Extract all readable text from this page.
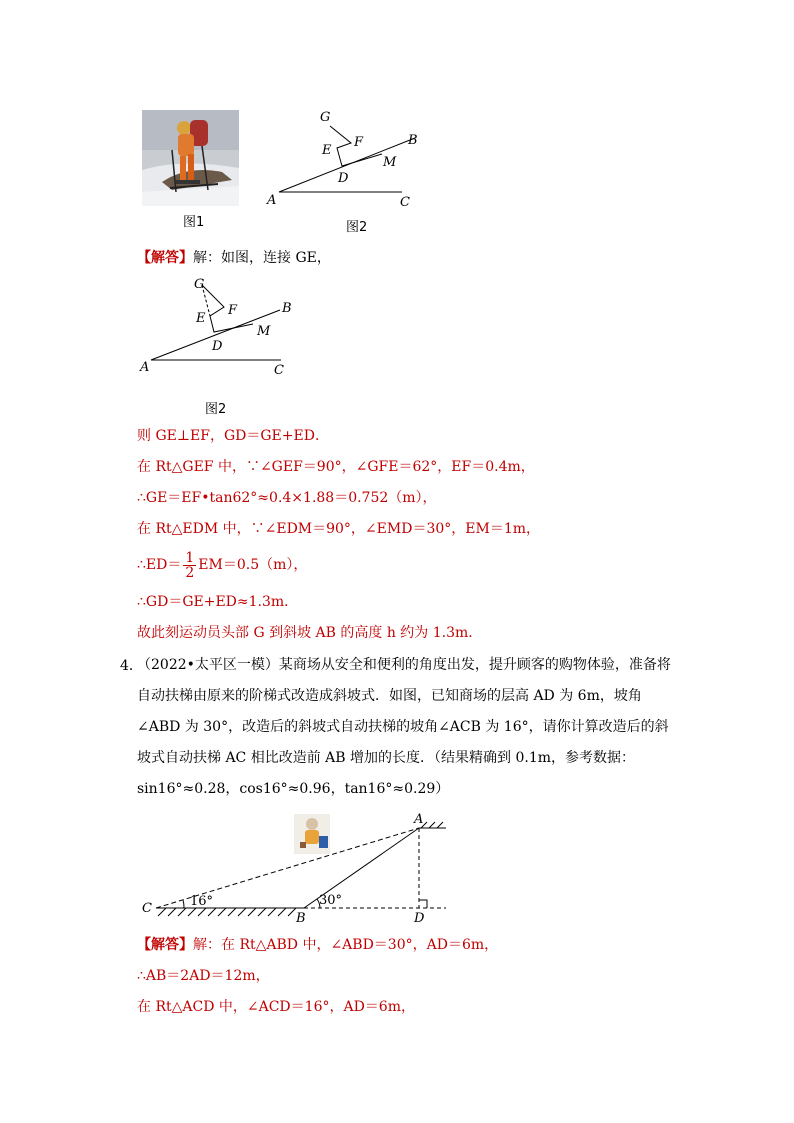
图1
G
F	B
E
M
D
A	C
图2
【解答】解：如图，连接 GE，
G
F	B
E
M
D
A	C
图2
则 GE⊥EF，GD＝GE+ED．
在 Rt△GEF 中，∵∠GEF＝90°，∠GFE＝62°，EF＝0.4m，
∴GE＝EF•tan62°≈0.4×1.88＝0.752（m），
在 Rt△EDM 中，∵∠EDM＝90°，∠EMD＝30°，EM＝1m，
∴ED＝ $\frac{1}{2} EM=0.5(m)$，
∴GD＝GE+ED≈1.3m．
故此刻运动员头部 G 到斜坡 AB 的高度 h 约为 1.3m．
4．
（2022•太平区一模）某商场从安全和便利的角度出发，提升顾客的购物体验，准备将自动扶梯由原来的阶梯式改造成斜坡式．如图，已知商场的层高 AD 为 6m，坡角∠ABD 为 30°，改造后的斜坡式自动扶梯的坡角∠ACB 为 16°，请你计算改造后的斜坡式自动扶梯 AC 相比改造前 AB 增加的长度．（结果精确到 0.1m，参考数据：sin16°≈0.28，cos16°≈0.96，tan16°≈0.29）
16°	30°
A
C
B	D
【解答】解：在 Rt△ABD 中，∠ABD＝30°，AD＝6m，
∴AB＝2AD＝12m，
在 Rt△ACD 中，∠ACD＝16°，AD＝6m，
